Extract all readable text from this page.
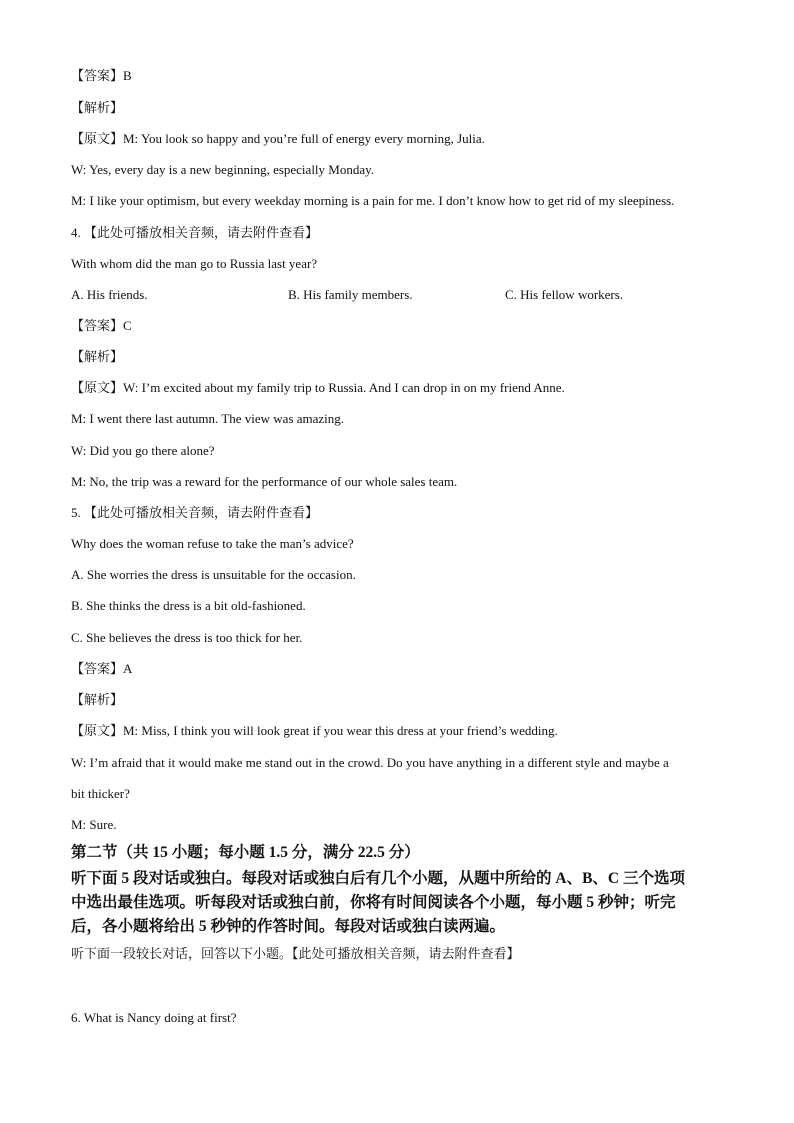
【答案】B
【解析】
【原文】M: You look so happy and you’re full of energy every morning, Julia.
W: Yes, every day is a new beginning, especially Monday.
M: I like your optimism, but every weekday morning is a pain for me. I don’t know how to get rid of my sleepiness.
4. 【此处可播放相关音频，请去附件查看】
With whom did the man go to Russia last year?
A. His friends.	B. His family members.	C. His fellow workers.
【答案】C
【解析】
【原文】W: I’m excited about my family trip to Russia. And I can drop in on my friend Anne.
M: I went there last autumn. The view was amazing.
W: Did you go there alone?
M: No, the trip was a reward for the performance of our whole sales team.
5. 【此处可播放相关音频，请去附件查看】
Why does the woman refuse to take the man’s advice?
A. She worries the dress is unsuitable for the occasion.
B. She thinks the dress is a bit old-fashioned.
C. She believes the dress is too thick for her.
【答案】A
【解析】
【原文】M: Miss, I think you will look great if you wear this dress at your friend’s wedding.
W: I’m afraid that it would make me stand out in the crowd. Do you have anything in a different style and maybe a
bit thicker?
M: Sure.
第二节（共 15 小题；每小题 1.5 分，满分 22.5 分）
听下面 5 段对话或独白。每段对话或独白后有几个小题，从题中所给的 A、B、C 三个选项
中选出最佳选项。听每段对话或独白前，你将有时间阅读各个小题，每小题 5 秒钟；听完
后，各小题将给出 5 秒钟的作答时间。每段对话或独白读两遍。
听下面一段较长对话，回答以下小题。【此处可播放相关音频，请去附件查看】
6. What is Nancy doing at first?
